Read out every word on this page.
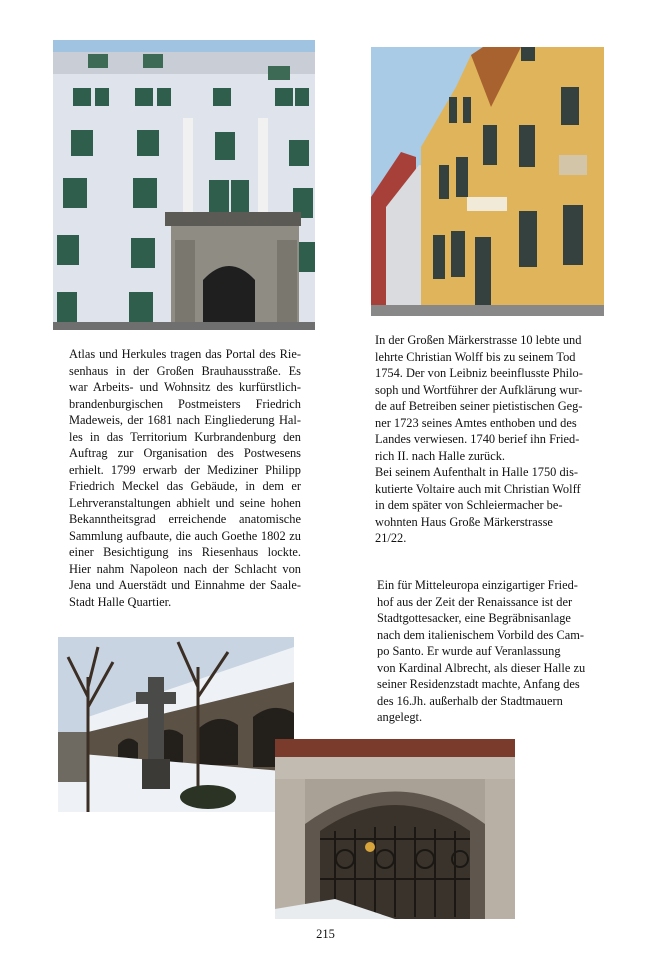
Atlas und Herkules tragen das Portal des Rie-
senhaus in der Großen Brauhausstraße. Es
war Arbeits- und Wohnsitz des kurfürstlich-
brandenburgischen Postmeisters Friedrich
Madeweis, der 1681 nach Eingliederung Hal-
les in das Territorium Kurbrandenburg den
Auftrag zur Organisation des Postwesens
erhielt. 1799 erwarb der Mediziner Philipp
Friedrich Meckel das Gebäude, in dem er
Lehrveranstaltungen abhielt und seine hohen
Bekanntheitsgrad erreichende anatomische
Sammlung aufbaute, die auch Goethe 1802 zu
einer Besichtigung ins Riesenhaus lockte.
Hier nahm Napoleon nach der Schlacht von
Jena und Auerstädt und Einnahme der Saale-
Stadt Halle Quartier.
In der Großen Märkerstrasse 10 lebte und
lehrte Christian Wolff bis zu seinem Tod
1754. Der von Leibniz beeinflusste Philo-
soph und Wortführer der Aufklärung wur-
de auf Betreiben seiner pietistischen Geg-
ner 1723 seines Amtes enthoben und des
Landes verwiesen. 1740 berief ihn Fried-
rich II. nach Halle zurück.
Bei seinem Aufenthalt in Halle 1750 dis-
kutierte Voltaire auch mit Christian Wolff
in dem später von Schleiermacher be-
wohnten Haus Große Märkerstrasse
21/22.
Ein für Mitteleuropa einzigartiger Fried-
hof aus der Zeit der Renaissance ist der
Stadtgottesacker, eine Begräbnisanlage
nach dem italienischem Vorbild des Cam-
po Santo. Er wurde auf Veranlassung
von Kardinal Albrecht, als dieser Halle zu
seiner Residenzstadt machte, Anfang des
des 16.Jh. außerhalb der Stadtmauern
angelegt.
215
